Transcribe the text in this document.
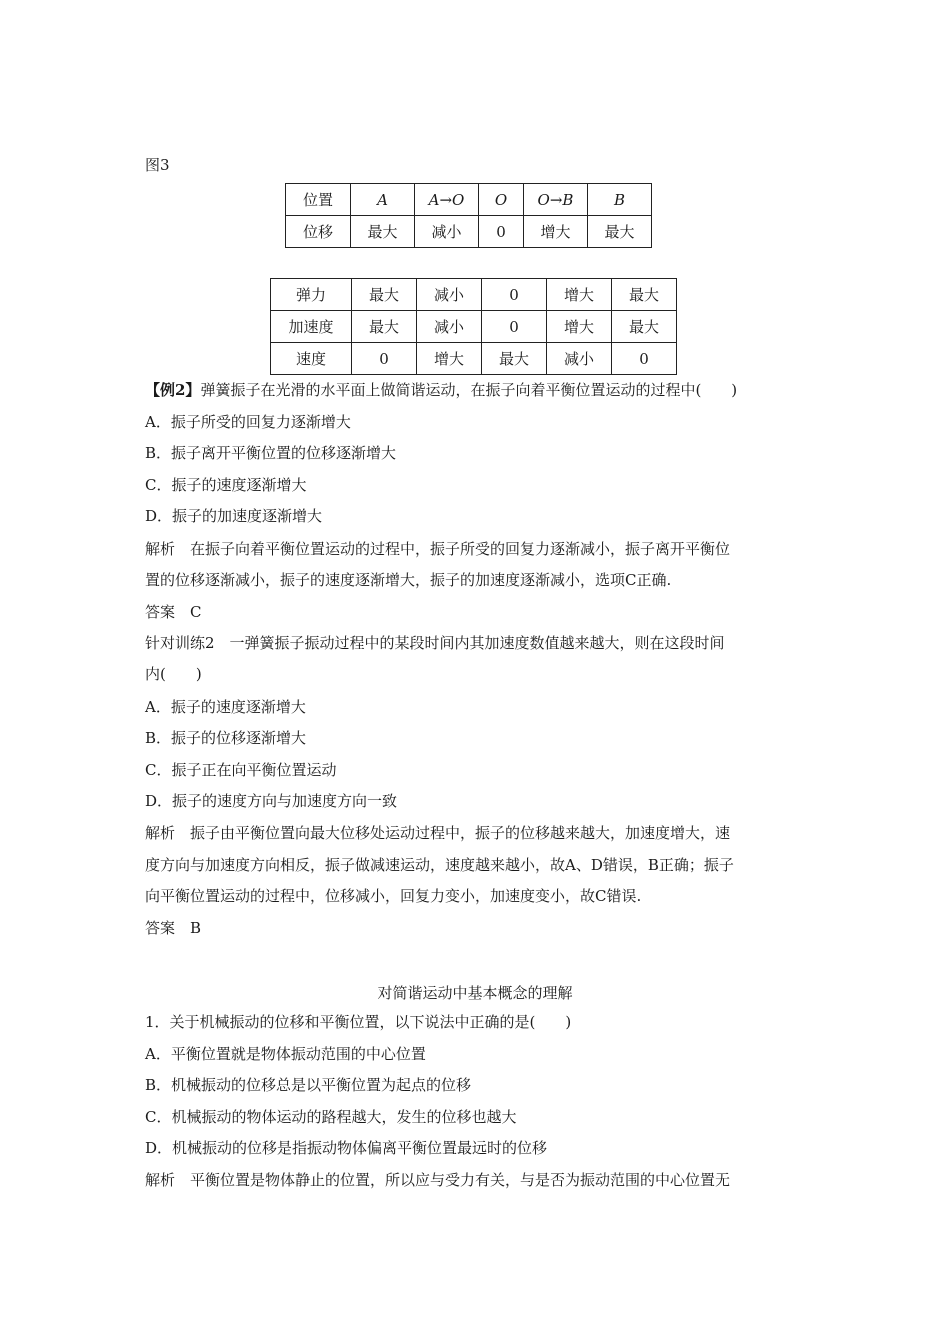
图3
位置	A	A→O	O	O→B	B
位移	最大	减小	0	增大	最大
弹力	最大	减小	0	增大	最大
加速度	最大	减小	0	增大	最大
速度	0	增大	最大	减小	0
【例2】弹簧振子在光滑的水平面上做简谐运动，在振子向着平衡位置运动的过程中(　　)
A．振子所受的回复力逐渐增大
B．振子离开平衡位置的位移逐渐增大
C．振子的速度逐渐增大
D．振子的加速度逐渐增大
解析　在振子向着平衡位置运动的过程中，振子所受的回复力逐渐减小，振子离开平衡位
置的位移逐渐减小，振子的速度逐渐增大，振子的加速度逐渐减小，选项C正确.
答案　C
针对训练2　一弹簧振子振动过程中的某段时间内其加速度数值越来越大，则在这段时间
内(　　)
A．振子的速度逐渐增大
B．振子的位移逐渐增大
C．振子正在向平衡位置运动
D．振子的速度方向与加速度方向一致
解析　振子由平衡位置向最大位移处运动过程中，振子的位移越来越大，加速度增大，速
度方向与加速度方向相反，振子做减速运动，速度越来越小，故A、D错误，B正确；振子
向平衡位置运动的过程中，位移减小，回复力变小，加速度变小，故C错误.
答案　B
对简谐运动中基本概念的理解
1．关于机械振动的位移和平衡位置，以下说法中正确的是(　　)
A．平衡位置就是物体振动范围的中心位置
B．机械振动的位移总是以平衡位置为起点的位移
C．机械振动的物体运动的路程越大，发生的位移也越大
D．机械振动的位移是指振动物体偏离平衡位置最远时的位移
解析　平衡位置是物体静止的位置，所以应与受力有关，与是否为振动范围的中心位置无
